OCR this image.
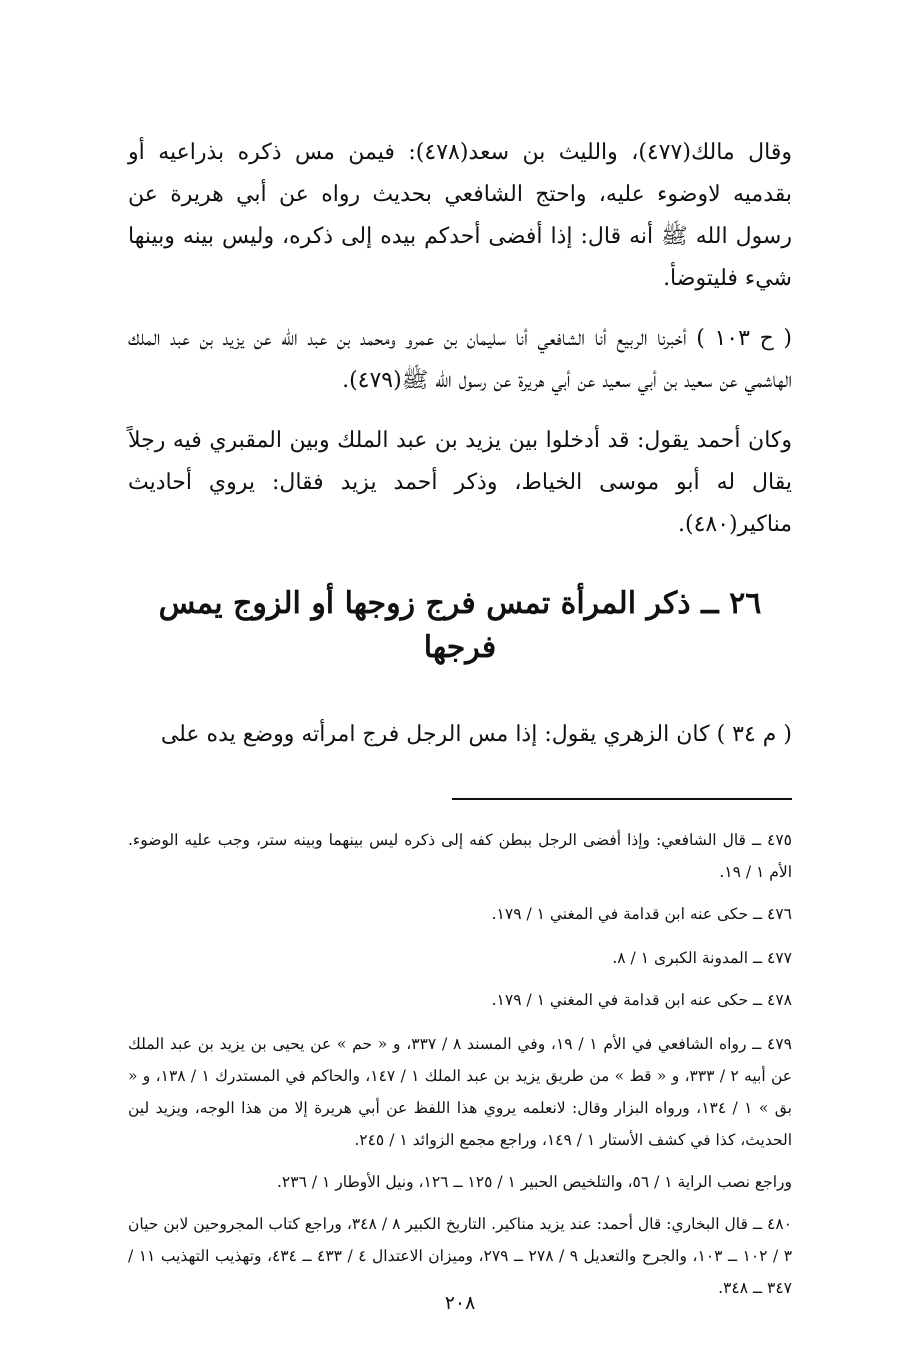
وقال مالك(٤٧٧)، والليث بن سعد(٤٧٨): فيمن مس ذكره بذراعيه أو بقدميه لاوضوء عليه، واحتج الشافعي بحديث رواه عن أبي هريرة عن رسول الله ﷺ أنه قال: إذا أفضى أحدكم بيده إلى ذكره، وليس بينه وبينها شيء فليتوضأ.

( ح ١٠٣ ) أخبرنا الربيع أنا الشافعي أنا سليمان بن عمرو ومحمد بن عبد الله عن يزيد بن عبد الملك الهاشمي عن سعيد بن أبي سعيد عن أبي هريرة عن رسول الله ﷺ(٤٧٩).

وكان أحمد يقول: قد أدخلوا بين يزيد بن عبد الملك وبين المقبري فيه رجلاً يقال له أبو موسى الخياط، وذكر أحمد يزيد فقال: يروي أحاديث مناكير(٤٨٠).

٢٦ ــ ذكر المرأة تمس فرج زوجها أو الزوج يمس فرجها

( م ٣٤ ) كان الزهري يقول: إذا مس الرجل فرج امرأته ووضع يده على

٤٧٥ ــ قال الشافعي: وإذا أفضى الرجل ببطن كفه إلى ذكره ليس بينهما وبينه ستر، وجب عليه الوضوء. الأم ١ / ١٩.

٤٧٦ ــ حكى عنه ابن قدامة في المغني ١ / ١٧٩.

٤٧٧ ــ المدونة الكبرى ١ / ٨.

٤٧٨ ــ حكى عنه ابن قدامة في المغني ١ / ١٧٩.

٤٧٩ ــ رواه الشافعي في الأم ١ / ١٩، وفي المسند ٨ / ٣٣٧، و « حم » عن يحيى بن يزيد بن عبد الملك عن أبيه ٢ / ٣٣٣، و « قط » من طريق يزيد بن عبد الملك ١ / ١٤٧، والحاكم في المستدرك ١ / ١٣٨، و « بق » ١ / ١٣٤، ورواه البزار وقال: لانعلمه يروي هذا اللفظ عن أبي هريرة إلا من هذا الوجه، ويزيد لين الحديث، كذا في كشف الأستار ١ / ١٤٩، وراجع مجمع الزوائد ١ / ٢٤٥.

وراجع نصب الراية ١ / ٥٦، والتلخيص الحبير ١ / ١٢٥ ــ ١٢٦، ونيل الأوطار ١ / ٢٣٦.

٤٨٠ ــ قال البخاري: قال أحمد: عند يزيد مناكير. التاريخ الكبير ٨ / ٣٤٨، وراجع كتاب المجروحين لابن حيان ٣ / ١٠٢ ــ ١٠٣، والجرح والتعديل ٩ / ٢٧٨ ــ ٢٧٩، وميزان الاعتدال ٤ / ٤٣٣ ــ ٤٣٤، وتهذيب التهذيب ١١ / ٣٤٧ ــ ٣٤٨.

٢٠٨
